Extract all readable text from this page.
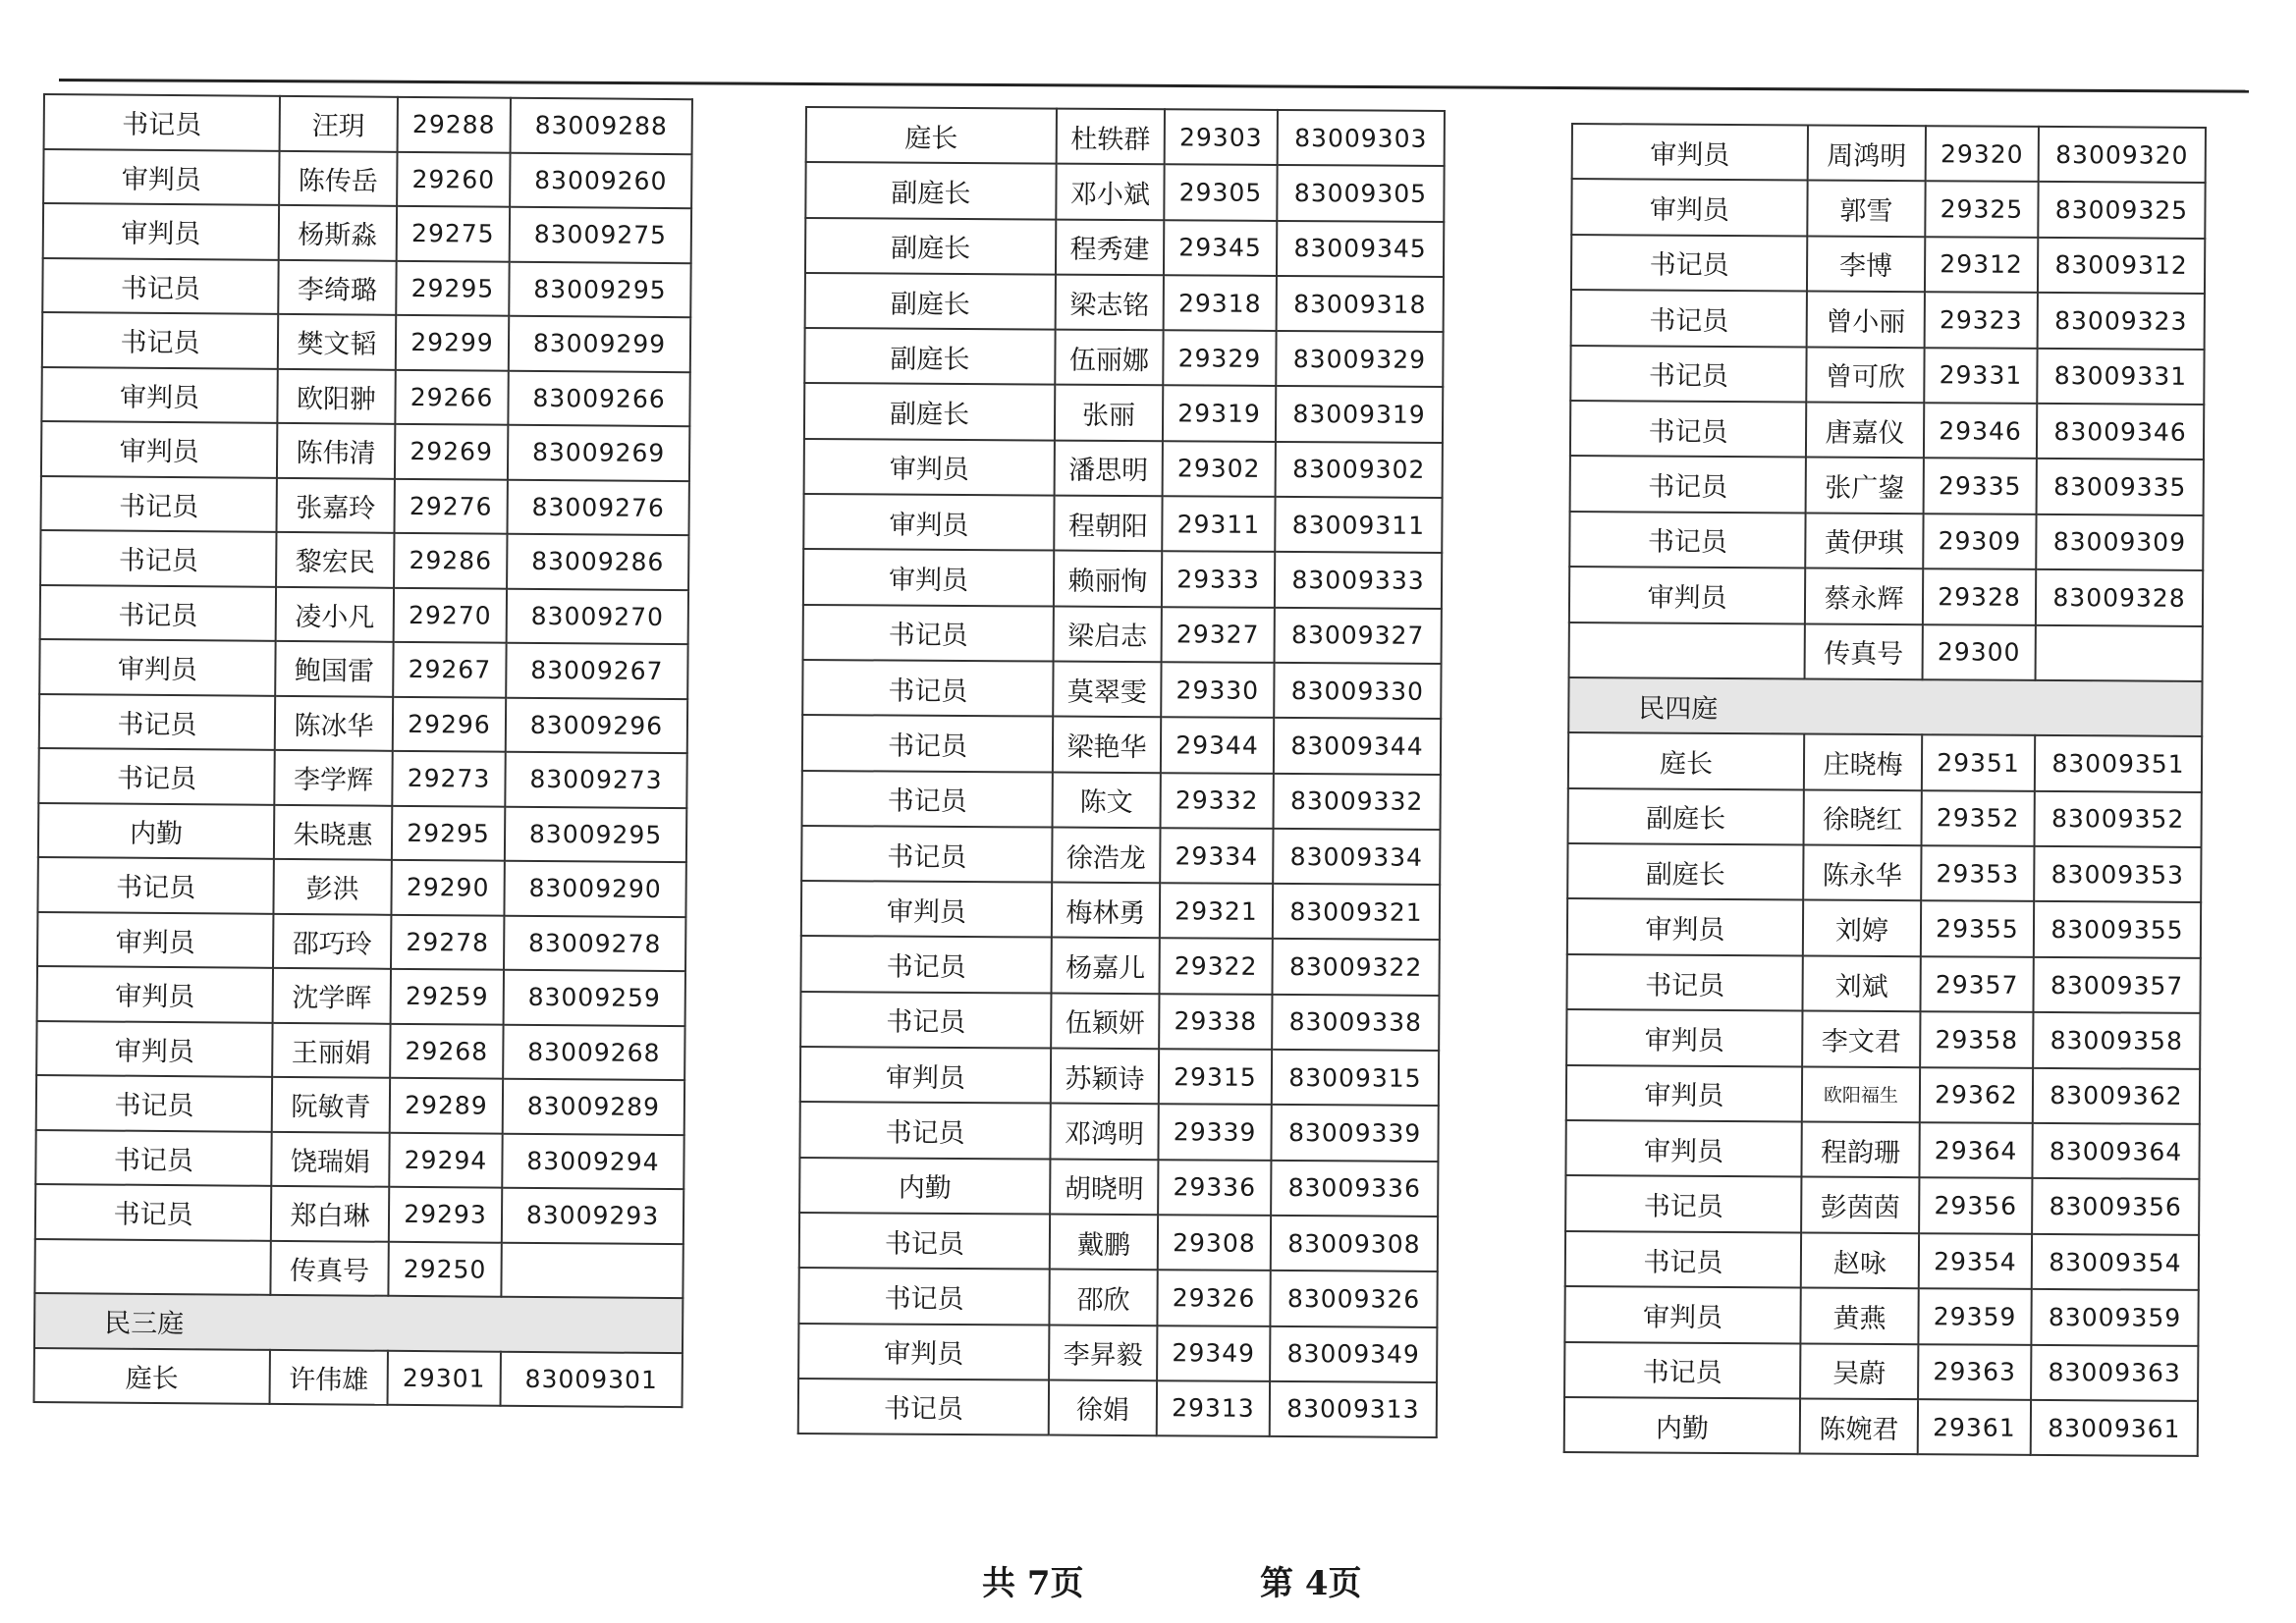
书记员	汪玥	29288	83009288
审判员	陈传岳	29260	83009260
审判员	杨斯淼	29275	83009275
书记员	李绮璐	29295	83009295
书记员	樊文韬	29299	83009299
审判员	欧阳翀	29266	83009266
审判员	陈伟清	29269	83009269
书记员	张嘉玲	29276	83009276
书记员	黎宏民	29286	83009286
书记员	凌小凡	29270	83009270
审判员	鲍国雷	29267	83009267
书记员	陈冰华	29296	83009296
书记员	李学辉	29273	83009273
内勤	朱晓惠	29295	83009295
书记员	彭洪	29290	83009290
审判员	邵巧玲	29278	83009278
审判员	沈学晖	29259	83009259
审判员	王丽娟	29268	83009268
书记员	阮敏青	29289	83009289
书记员	饶瑞娟	29294	83009294
书记员	郑白琳	29293	83009293
	传真号	29250	
民三庭			
庭长	许伟雄	29301	83009301
庭长	杜轶群	29303	83009303
副庭长	邓小斌	29305	83009305
副庭长	程秀建	29345	83009345
副庭长	梁志铭	29318	83009318
副庭长	伍丽娜	29329	83009329
副庭长	张丽	29319	83009319
审判员	潘思明	29302	83009302
审判员	程朝阳	29311	83009311
审判员	赖丽恂	29333	83009333
书记员	梁启志	29327	83009327
书记员	莫翠雯	29330	83009330
书记员	梁艳华	29344	83009344
书记员	陈文	29332	83009332
书记员	徐浩龙	29334	83009334
审判员	梅林勇	29321	83009321
书记员	杨嘉儿	29322	83009322
书记员	伍颖妍	29338	83009338
审判员	苏颖诗	29315	83009315
书记员	邓鸿明	29339	83009339
内勤	胡晓明	29336	83009336
书记员	戴鹏	29308	83009308
书记员	邵欣	29326	83009326
审判员	李昇毅	29349	83009349
书记员	徐娟	29313	83009313
审判员	周鸿明	29320	83009320
审判员	郭雪	29325	83009325
书记员	李博	29312	83009312
书记员	曾小丽	29323	83009323
书记员	曾可欣	29331	83009331
书记员	唐嘉仪	29346	83009346
书记员	张广鋆	29335	83009335
书记员	黄伊琪	29309	83009309
审判员	蔡永辉	29328	83009328
	传真号	29300	
民四庭			
庭长	庄晓梅	29351	83009351
副庭长	徐晓红	29352	83009352
副庭长	陈永华	29353	83009353
审判员	刘婷	29355	83009355
书记员	刘斌	29357	83009357
审判员	李文君	29358	83009358
审判员	欧阳福生	29362	83009362
审判员	程韵珊	29364	83009364
书记员	彭茵茵	29356	83009356
书记员	赵咏	29354	83009354
审判员	黄燕	29359	83009359
书记员	吴蔚	29363	83009363
内勤	陈婉君	29361	83009361
共 7页	第 4页
